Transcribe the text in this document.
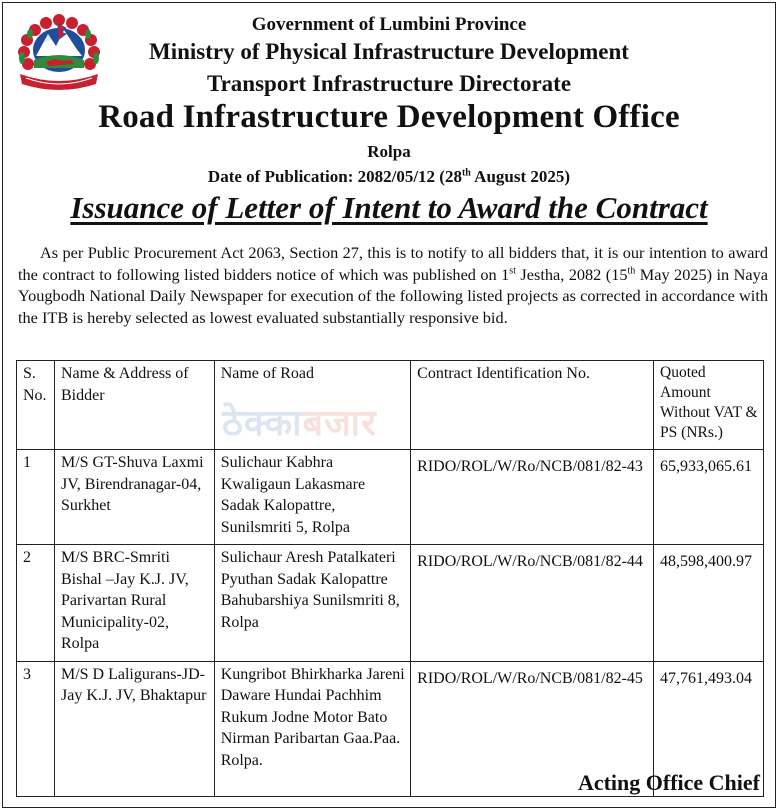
Government of Lumbini Province
Ministry of Physical Infrastructure Development
Transport Infrastructure Directorate
Road Infrastructure Development Office
Rolpa
Date of Publication: 2082/05/12 (28th August 2025)
Issuance of Letter of Intent to Award the Contract

As per Public Procurement Act 2063, Section 27, this is to notify to all bidders that, it is our intention to award the contract to following listed bidders notice of which was published on 1st Jestha, 2082 (15th May 2025) in Naya Yougbodh National Daily Newspaper for execution of the following listed projects as corrected in accordance with the ITB is hereby selected as lowest evaluated substantially responsive bid.

S. No.	Name & Address of Bidder	Name of Road	Contract Identification No.	Quoted Amount Without VAT & PS (NRs.)
1	M/S GT-Shuva Laxmi JV, Birendranagar-04, Surkhet	Sulichaur Kabhra Kwaligaun Lakasmare Sadak Kalopattre, Sunilsmriti 5, Rolpa	RIDO/ROL/W/Ro/NCB/081/82-43	65,933,065.61
2	M/S BRC-Smriti Bishal –Jay K.J. JV, Parivartan Rural Municipality-02, Rolpa	Sulichaur Aresh Patalkateri Pyuthan Sadak Kalopattre Bahubarshiya Sunilsmriti 8, Rolpa	RIDO/ROL/W/Ro/NCB/081/82-44	48,598,400.97
3	M/S D Laligurans-JD-Jay K.J. JV, Bhaktapur	Kungribot Bhirkharka Jareni Daware Hundai Pachhim Rukum Jodne Motor Bato Nirman Paribartan Gaa.Paa. Rolpa.	RIDO/ROL/W/Ro/NCB/081/82-45	47,761,493.04
ठेक्काबजार
Acting Office Chief
